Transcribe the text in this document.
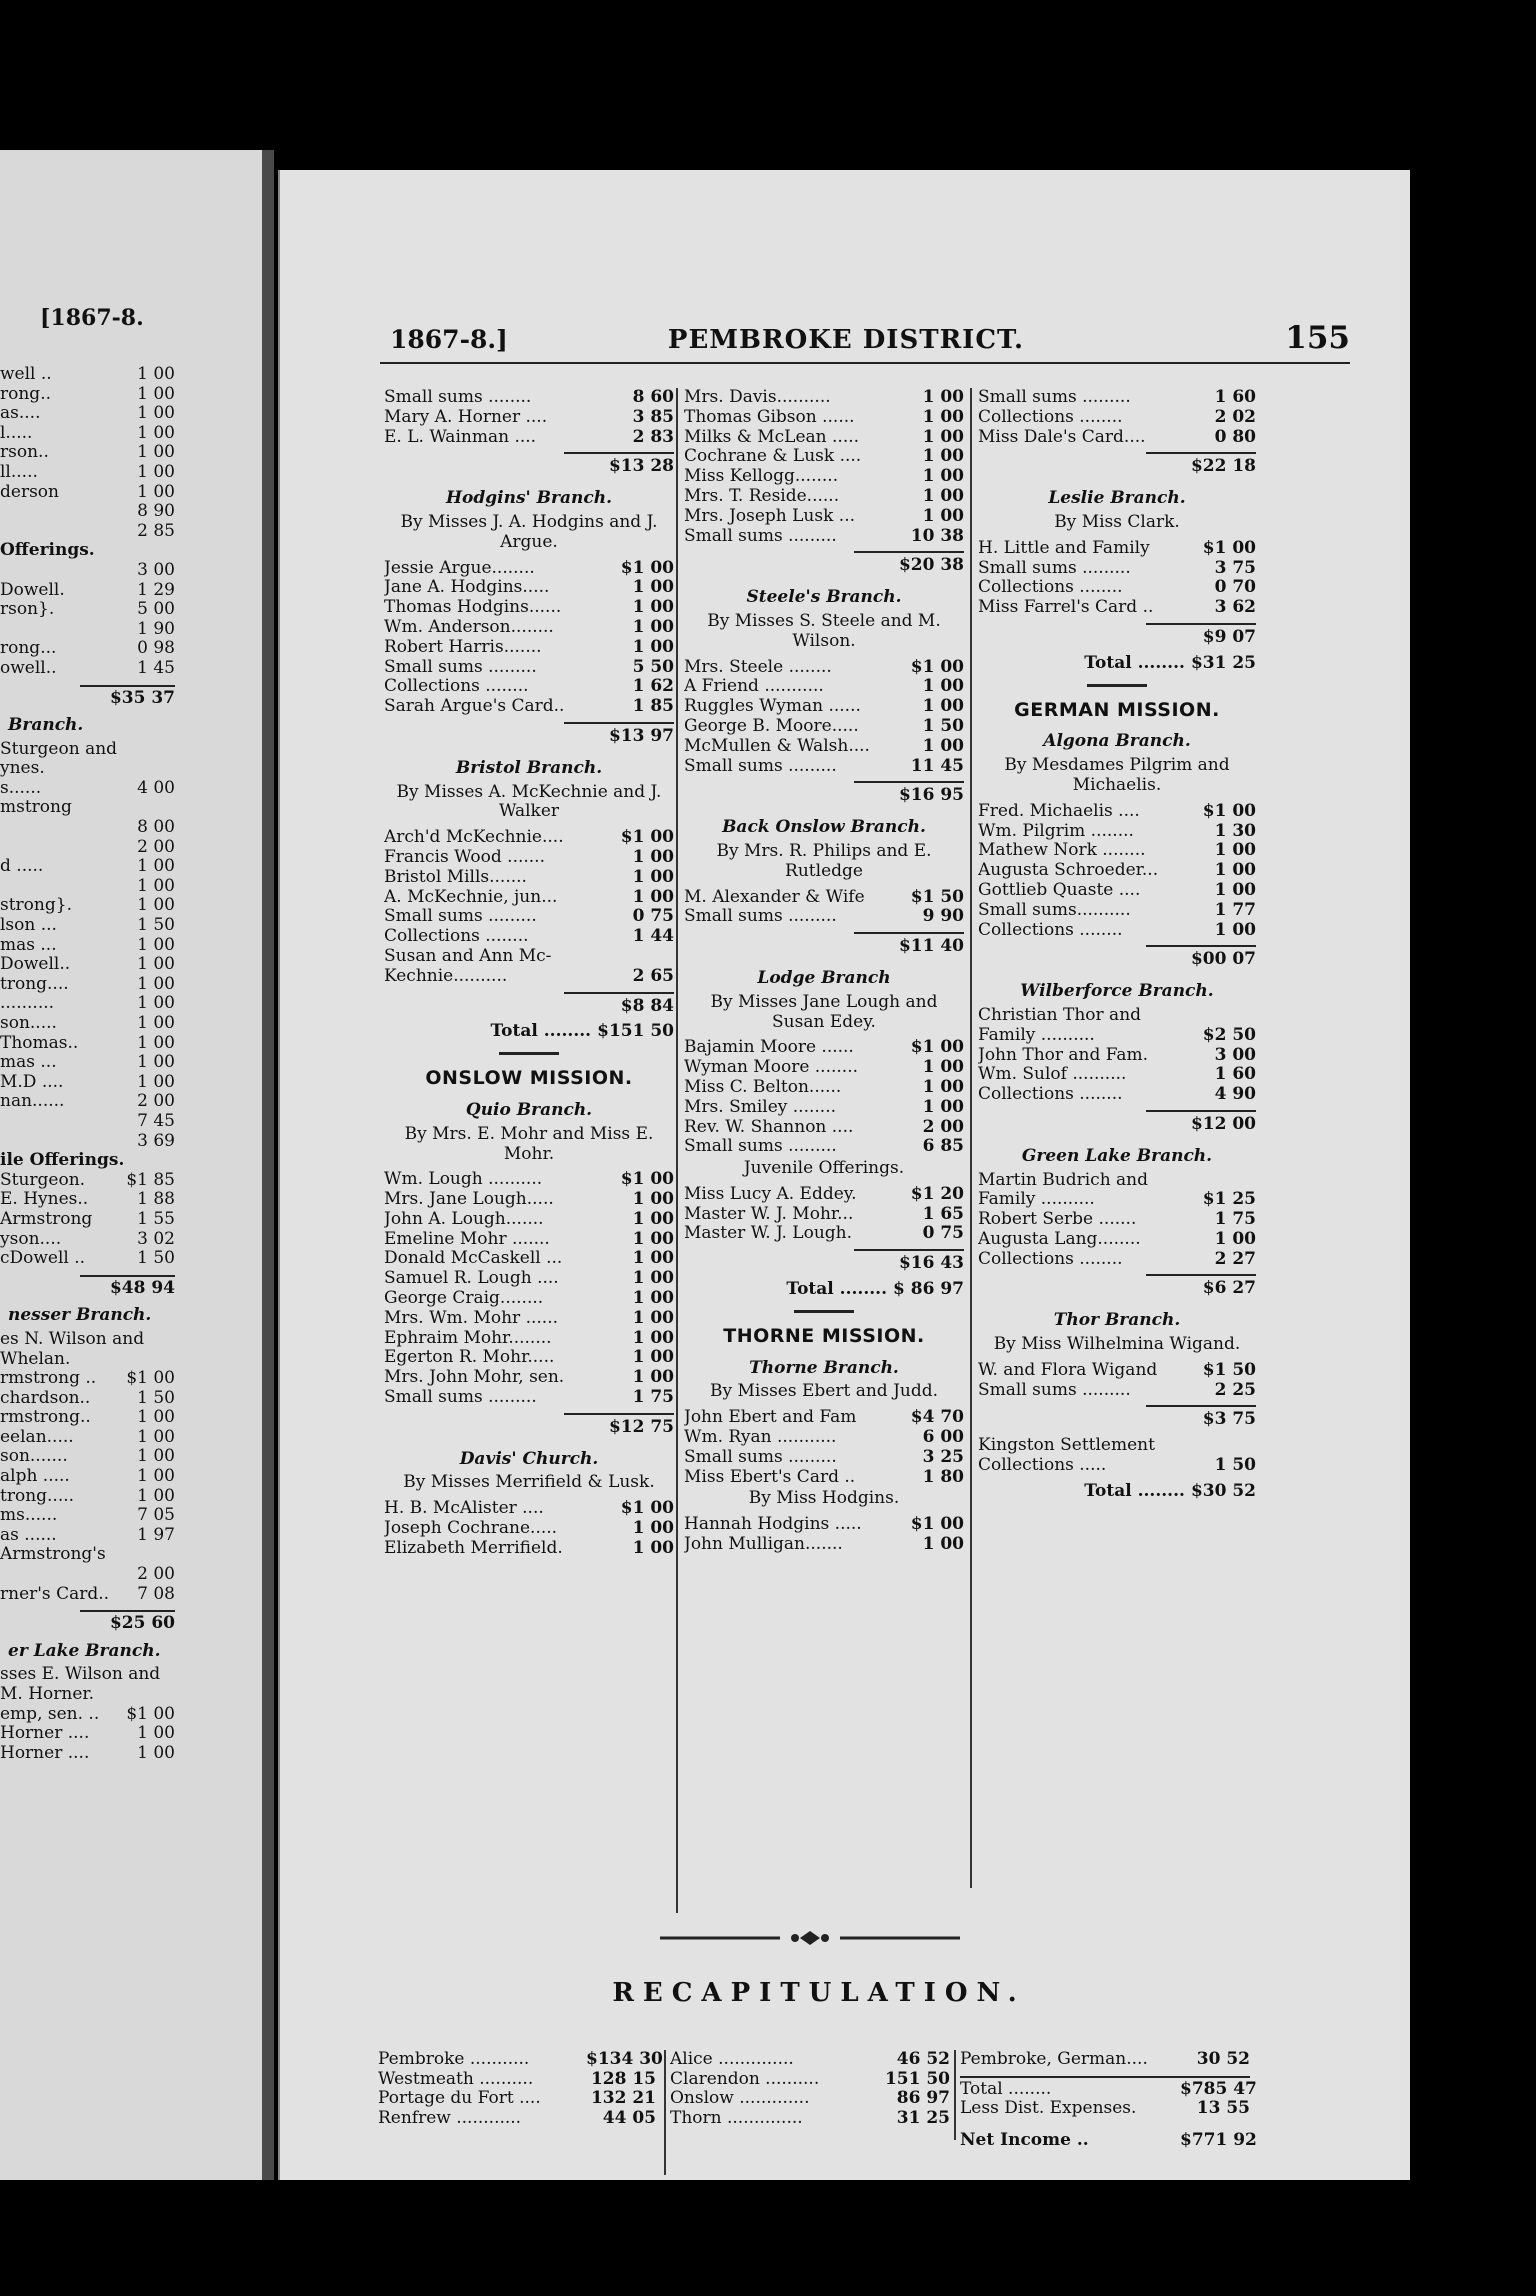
[1867-8.
well ..	1 00
rong..	1 00
as....	1 00
l.....	1 00
rson..	1 00
ll.....	1 00
derson	1 00
8 90
2 85
Offerings.
3 00
Dowell.	1 29
rson}.	5 00
1 90
rong...	0 98
owell..	1 45
$35 37
Branch.
Sturgeon and
ynes.
s......	4 00
mstrong
8 00
2 00
d .....	1 00
1 00
strong}.	1 00
lson ...	1 50
mas ...	1 00
Dowell..	1 00
trong....	1 00
..........	1 00
son.....	1 00
Thomas..	1 00
mas ...	1 00
M.D ....	1 00
nan......	2 00
7 45
3 69
ile Offerings.
Sturgeon. $1 85
E. Hynes..	1 88
Armstrong	1 55
yson....	3 02
cDowell ..	1 50
$48 94
nesser Branch.
es N. Wilson and
Whelan.
rmstrong .. $1 00
chardson..	1 50
rmstrong..	1 00
eelan.....	1 00
son.......	1 00
alph .....	1 00
trong.....	1 00
ms......	7 05
as ......	1 97
Armstrong's
2 00
rner's Card.. 7 08
$25 60
er Lake Branch.
sses E. Wilson and
M. Horner.
emp, sen. .. $1 00
Horner ....	1 00
Horner ....	1 00
1867-8.]	PEMBROKE DISTRICT.	155
Small sums ........	8 60
Mary A. Horner ....	3 85
E. L. Wainman ....	2 83
$13 28
Hodgins' Branch.
By Misses J. A. Hodgins and J. Argue.
Jessie Argue........	$1 00
Jane A. Hodgins.....	1 00
Thomas Hodgins......	1 00
Wm. Anderson........	1 00
Robert Harris.......	1 00
Small sums .........	5 50
Collections ........	1 62
Sarah Argue's Card..	1 85
$13 97
Bristol Branch.
By Misses A. McKechnie and J. Walker
Arch'd McKechnie....	$1 00
Francis Wood .......	1 00
Bristol Mills.......	1 00
A. McKechnie, jun...	1 00
Small sums .........	0 75
Collections ........	1 44
Susan and Ann Mc-
Kechnie..........	2 65
$8 84
Total ........ $151 50
ONSLOW MISSION.
Quio Branch.
By Mrs. E. Mohr and Miss E. Mohr.
Wm. Lough ..........	$1 00
Mrs. Jane Lough.....	1 00
John A. Lough.......	1 00
Emeline Mohr .......	1 00
Donald McCaskell ...	1 00
Samuel R. Lough ....	1 00
George Craig........	1 00
Mrs. Wm. Mohr ......	1 00
Ephraim Mohr........	1 00
Egerton R. Mohr.....	1 00
Mrs. John Mohr, sen.	1 00
Small sums .........	1 75
$12 75
Davis' Church.
By Misses Merrifield & Lusk.
H. B. McAlister ....	$1 00
Joseph Cochrane.....	1 00
Elizabeth Merrifield.	1 00
Mrs. Davis..........	1 00
Thomas Gibson ......	1 00
Milks & McLean .....	1 00
Cochrane & Lusk ....	1 00
Miss Kellogg........	1 00
Mrs. T. Reside......	1 00
Mrs. Joseph Lusk ...	1 00
Small sums .........	10 38
$20 38
Steele's Branch.
By Misses S. Steele and M. Wilson.
Mrs. Steele ........	$1 00
A Friend ...........	1 00
Ruggles Wyman ......	1 00
George B. Moore.....	1 50
McMullen & Walsh....	1 00
Small sums .........	11 45
$16 95
Back Onslow Branch.
By Mrs. R. Philips and E. Rutledge
M. Alexander & Wife	$1 50
Small sums .........	9 90
$11 40
Lodge Branch
By Misses Jane Lough and Susan Edey.
Bajamin Moore ......	$1 00
Wyman Moore ........	1 00
Miss C. Belton......	1 00
Mrs. Smiley ........	1 00
Rev. W. Shannon ....	2 00
Small sums .........	6 85
Juvenile Offerings.
Miss Lucy A. Eddey.	$1 20
Master W. J. Mohr...	1 65
Master W. J. Lough.	0 75
$16 43
Total ........ $ 86 97
THORNE MISSION.
Thorne Branch.
By Misses Ebert and Judd.
John Ebert and Fam	$4 70
Wm. Ryan ...........	6 00
Small sums .........	3 25
Miss Ebert's Card ..	1 80
By Miss Hodgins.
Hannah Hodgins .....	$1 00
John Mulligan.......	1 00
Small sums .........	1 60
Collections ........	2 02
Miss Dale's Card....	0 80
$22 18
Leslie Branch.
By Miss Clark.
H. Little and Family	$1 00
Small sums .........	3 75
Collections ........	0 70
Miss Farrel's Card ..	3 62
$9 07
Total ........ $31 25
GERMAN MISSION.
Algona Branch.
By Mesdames Pilgrim and Michaelis.
Fred. Michaelis ....	$1 00
Wm. Pilgrim ........	1 30
Mathew Nork ........	1 00
Augusta Schroeder...	1 00
Gottlieb Quaste ....	1 00
Small sums..........	1 77
Collections ........	1 00
$00 07
Wilberforce Branch.
Christian Thor and
Family ..........	$2 50
John Thor and Fam.	3 00
Wm. Sulof ..........	1 60
Collections ........	4 90
$12 00
Green Lake Branch.
Martin Budrich and
Family ..........	$1 25
Robert Serbe .......	1 75
Augusta Lang........	1 00
Collections ........	2 27
$6 27
Thor Branch.
By Miss Wilhelmina Wigand.
W. and Flora Wigand	$1 50
Small sums .........	2 25
$3 75
Kingston Settlement
Collections .....	1 50
Total ........ $30 52
RECAPITULATION.
Pembroke ...........	$134 30
Westmeath ..........	128 15
Portage du Fort ....	132 21
Renfrew ............	44 05
Alice ..............	46 52
Clarendon ..........	151 50
Onslow .............	86 97
Thorn ..............	31 25
Pembroke, German....	30 52
Total ........	$785 47
Less Dist. Expenses.	13 55
Net Income ..	$771 92
